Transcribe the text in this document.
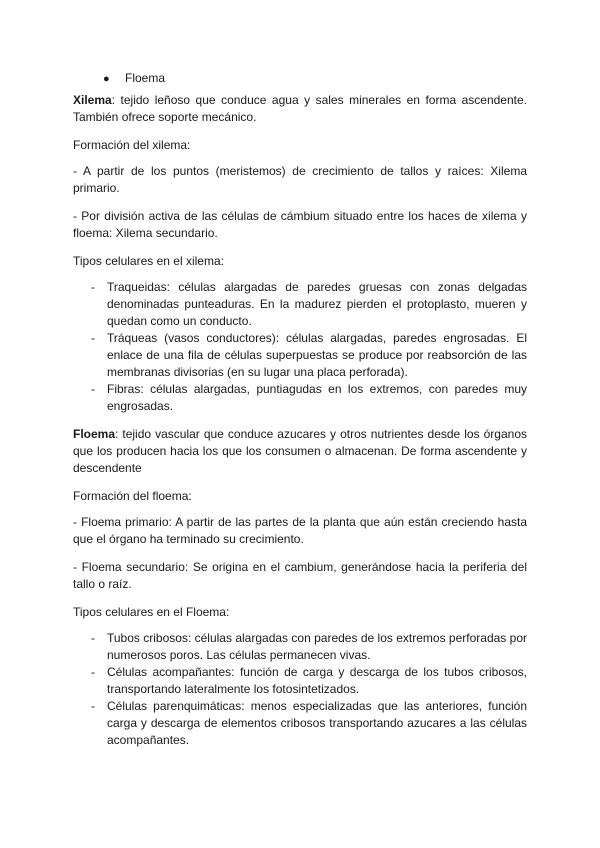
●	Floema

Xilema: tejido leñoso que conduce agua y sales minerales en forma ascendente. También ofrece soporte mecánico.

Formación del xilema:

- A partir de los puntos (meristemos) de crecimiento de tallos y raíces: Xilema primario.

- Por división activa de las células de cámbium situado entre los haces de xilema y floema: Xilema secundario.

Tipos celulares en el xilema:

-	Traqueidas: células alargadas de paredes gruesas con zonas delgadas denominadas punteaduras. En la madurez pierden el protoplasto, mueren y quedan como un conducto.
-	Tráqueas (vasos conductores): células alargadas, paredes engrosadas. El enlace de una fila de células superpuestas se produce por reabsorción de las membranas divisorias (en su lugar una placa perforada).
-	Fibras: células alargadas, puntiagudas en los extremos, con paredes muy engrosadas.

Floema: tejido vascular que conduce azucares y otros nutrientes desde los órganos que los producen hacia los que los consumen o almacenan. De forma ascendente y descendente

Formación del floema:

- Floema primario: A partir de las partes de la planta que aún están creciendo hasta que el órgano ha terminado su crecimiento.

- Floema secundario: Se origina en el cambium, generándose hacia la periferia del tallo o raíz.

Tipos celulares en el Floema:

-	Tubos cribosos: células alargadas con paredes de los extremos perforadas por numerosos poros. Las células permanecen vivas.
-	Células acompañantes: función de carga y descarga de los tubos cribosos, transportando lateralmente los fotosintetizados.
-	Células parenquimáticas: menos especializadas que las anteriores, función carga y descarga de elementos cribosos transportando azucares a las células acompañantes.
